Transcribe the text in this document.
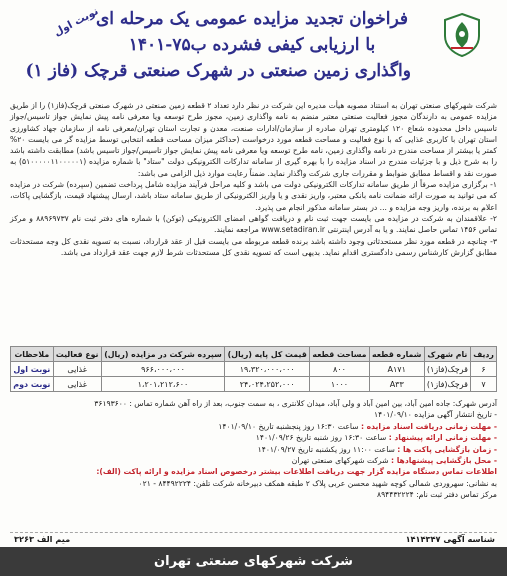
فراخوان تجدید مزایده عمومی یک مرحله ای
با ارزیابی کیفی فشرده ب۷۵-۱۴۰۱
واگذاری زمین صنعتی در شهرک صنعتی قرچک (فاز ۱)
نوبت اول

شرکت شهرکهای صنعتی تهران به استناد مصوبه هیأت مدیره این شرکت در نظر دارد تعداد ۲ قطعه زمین صنعتی در شهرک صنعتی قرچک(فاز۱) را از طریق مزایده عمومی به دارندگان مجوز فعالیت صنعتی معتبر منضم به نامه واگذاری زمین، مجوز طرح توسعه ویا معرفی نامه پیش نمایش جواز تاسیس/جواز تاسیس داخل محدوده شعاع ۱۲۰ کیلومتری تهران صادره از سازمان/ادارات صنعت، معدن و تجارت استان تهران/معرفی نامه از سازمان جهاد کشاورزی استان تهران با کاربری غذایی که با نوع فعالیت و مساحت قطعه مورد درخواست (حداکثر میزان مساحت قطعه انتخابی توسط مزایده گر می بایست ۲۰% کمتر یا بیشتر از مساحت مندرج در نامه واگذاری زمین، نامه طرح توسعه ویا معرفی نامه پیش نمایش جواز تاسیس/جواز تاسیس باشد) مطابقت داشته باشد را به شرح ذیل و با جزئیات مندرج در اسناد مزایده را با بهره گیری از سامانه تدارکات الکترونیکی دولت "ستاد" با شماره مزایده (۵۱۰۰۰۰۰۱۱۰۰۰۰۰۱) به صورت نقد و اقساط مطابق ضوابط و مقررات جاری شرکت واگذار نماید. ضمناً رعایت موارد ذیل الزامی می باشد:

۱- برگزاری مزایده صرفاً از طریق سامانه تدارکات الکترونیکی دولت می باشد و کلیه مراحل فرآیند مزایده شامل پرداخت تضمین (سپرده) شرکت در مزایده که می توانید به صورت ارائه ضمانت نامه بانکی معتبر، واریز نقدی و یا واریز الکترونیکی از طریق سامانه ستاد باشد، ارسال پیشنهاد قیمت، بازگشایی پاکات، اعلام به برنده، واریز وجه مزایده و ... در بستر سامانه مذکور انجام می پذیرد.

۲- علاقمندان به شرکت در مزایده می بایست جهت ثبت نام و دریافت گواهی امضای الکترونیکی (توکن) با شماره های دفتر ثبت نام ۸۸۹۶۹۷۳۷ و مرکز تماس ۱۴۵۶ تماس حاصل نمایند. و یا به آدرس اینترنتی www.setadiran.ir مراجعه نمایند.

۳- چنانچه در قطعه مورد نظر مستحدثاتی وجود داشته باشد برنده قطعه مربوطه می بایست قبل از عقد قرارداد، نسبت به تسویه نقدی کل وجه مستحدثات مطابق گزارش کارشناس رسمی دادگستری اقدام نماید. بدیهی است که تسویه نقدی کل مستحدثات شرط لازم جهت عقد قرارداد می باشد.

ردیف	نام شهرک	شماره قطعه	مساحت قطعه	قیمت کل پایه (ریال)	سپرده شرکت در مزایده (ریال)	نوع فعالیت	ملاحظات
۶	قرچک(فاز۱)	A۱۷۱	۸۰۰	۱۹،۳۲۰،۰۰۰،۰۰۰	۹۶۶،۰۰۰،۰۰۰	غذایی	نوبت اول
۷	قرچک(فاز۱)	A۳۳	۱۰۰۰	۲۴،۰۲۴،۲۵۲،۰۰۰	۱،۲۰۱،۲۱۲،۶۰۰	غذایی	نوبت دوم

آدرس شهرک: جاده امین آباد، بین امین آباد و ولی آباد، میدان کلانتری ، به سمت جنوب، بعد از راه آهن شماره تماس : ۳۶۱۹۳۶۰۰

- تاریخ انتشار آگهی مزایده ۱۴۰۱/۰۹/۱۰

- مهلت زمانی دریافت اسناد مزایده : ساعت ۱۶:۳۰ روز پنجشنبه تاریخ ۱۴۰۱/۰۹/۱۰

- مهلت زمانی ارائه پیشنهاد : ساعت ۱۶:۳۰ روز شنبه تاریخ ۱۴۰۱/۰۹/۲۶

- زمان بازگشایی پاکت ها : ساعت ۱۱:۰۰ روز یکشنبه تاریخ ۱۴۰۱/۰۹/۲۷

- محل بازگشایی پیشنهادها : شرکت شهرکهای صنعتی تهران

اطلاعات تماس دستگاه مزایده گزار جهت دریافت اطلاعات بیشتر درخصوص اسناد مزایده و ارائه پاکت (الف):

به نشانی: سهروردی شمالی کوچه شهید محسن عربی پلاک ۲ طبقه همکف دبیرخانه شرکت تلفن: ۸۴۴۹۲۲۲۴ - ۰۲۱

مرکز تماس دفتر ثبت نام: ۸۹۴۴۳۲۲۲۴

شناسه آگهی ۱۴۱۴۳۴۷
میم الف ۳۲۶۳
شرکت شهرکهای صنعتی تهران
